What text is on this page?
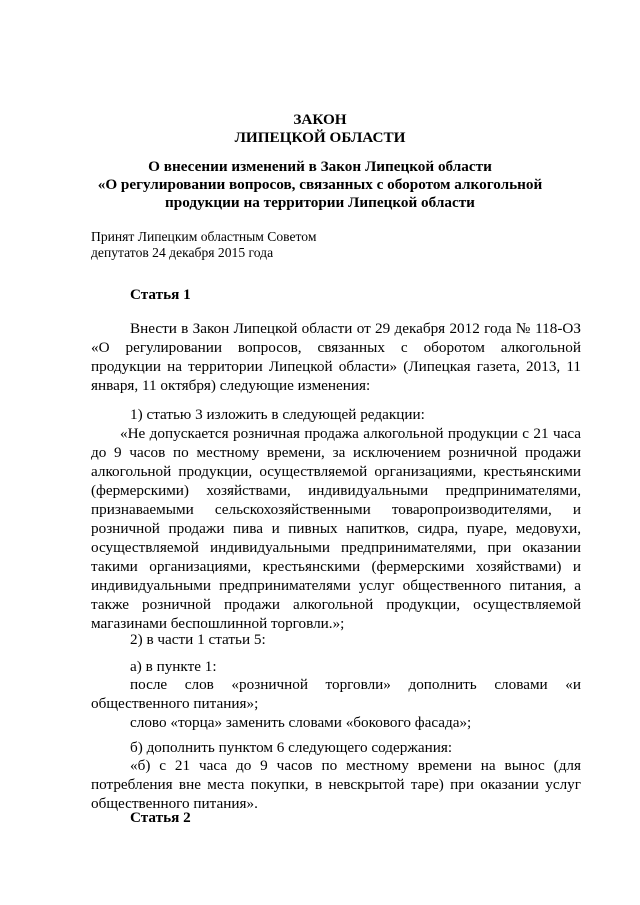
ЗАКОН

ЛИПЕЦКОЙ ОБЛАСТИ

О внесении изменений в Закон Липецкой области

«О регулировании вопросов, связанных с оборотом алкогольной

продукции на территории Липецкой области

Принят Липецким областным Советом

депутатов 24 декабря 2015 года

Статья 1

Внести в Закон Липецкой области от 29 декабря 2012 года № 118-ОЗ
«О регулировании вопросов, связанных с оборотом алкогольной
продукции на территории Липецкой области» (Липецкая газета, 2013, 11
января, 11 октября) следующие изменения:

1) статью 3 изложить в следующей редакции:

«Не допускается розничная продажа алкогольной продукции с 21 часа
до 9 часов по местному времени, за исключением розничной продажи
алкогольной продукции, осуществляемой организациями, крестьянскими
(фермерскими) хозяйствами, индивидуальными предпринимателями,
признаваемыми сельскохозяйственными товаропроизводителями, и
розничной продажи пива и пивных напитков, сидра, пуаре, медовухи,
осуществляемой индивидуальными предпринимателями, при оказании
такими организациями, крестьянскими (фермерскими хозяйствами) и
индивидуальными предпринимателями услуг общественного питания, а
также розничной продажи алкогольной продукции, осуществляемой
магазинами беспошлинной торговли.»;

2) в части 1 статьи 5:

а) в пункте 1:

после слов «розничной торговли» дополнить словами «и
общественного питания»;
слово «торца» заменить словами «бокового фасада»;

б) дополнить пунктом 6 следующего содержания:

«б) с 21 часа до 9 часов по местному времени на вынос (для
потребления вне места покупки, в невскрытой таре) при оказании услуг
общественного питания».

Статья 2
